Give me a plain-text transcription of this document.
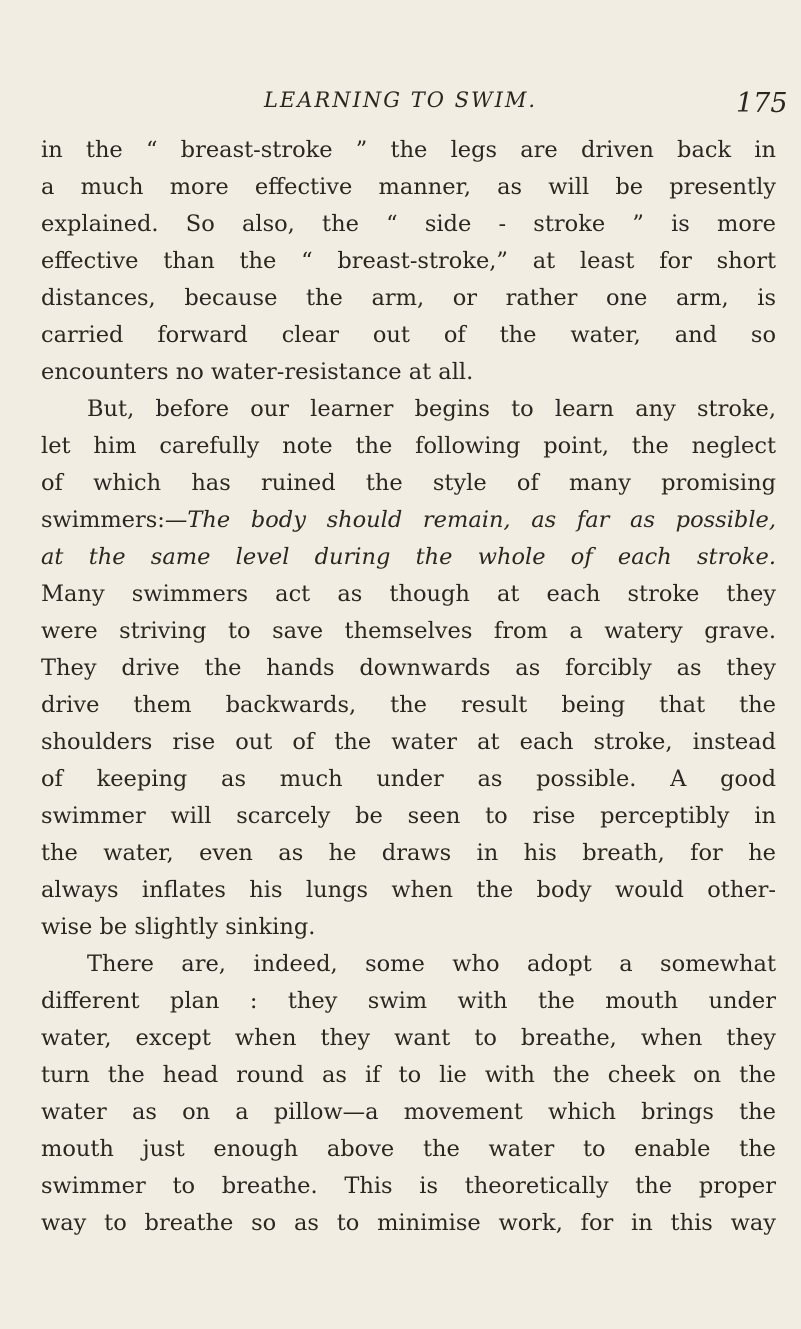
LEARNING TO SWIM.	175
in the “ breast-stroke ” the legs are driven back in
a much more effective manner, as will be presently
explained. So also, the “ side - stroke ” is more
effective than the “ breast-stroke,” at least for short
distances, because the arm, or rather one arm, is
carried forward clear out of the water, and so
encounters no water-resistance at all.
But, before our learner begins to learn any stroke,
let him carefully note the following point, the neglect
of which has ruined the style of many promising
swimmers:—The body should remain, as far as possible,
at the same level during the whole of each stroke.
Many swimmers act as though at each stroke they
were striving to save themselves from a watery grave.
They drive the hands downwards as forcibly as they
drive them backwards, the result being that the
shoulders rise out of the water at each stroke, instead
of keeping as much under as possible. A good
swimmer will scarcely be seen to rise perceptibly in
the water, even as he draws in his breath, for he
always inflates his lungs when the body would other-
wise be slightly sinking.
There are, indeed, some who adopt a somewhat
different plan : they swim with the mouth under
water, except when they want to breathe, when they
turn the head round as if to lie with the cheek on the
water as on a pillow—a movement which brings the
mouth just enough above the water to enable the
swimmer to breathe. This is theoretically the proper
way to breathe so as to minimise work, for in this way
